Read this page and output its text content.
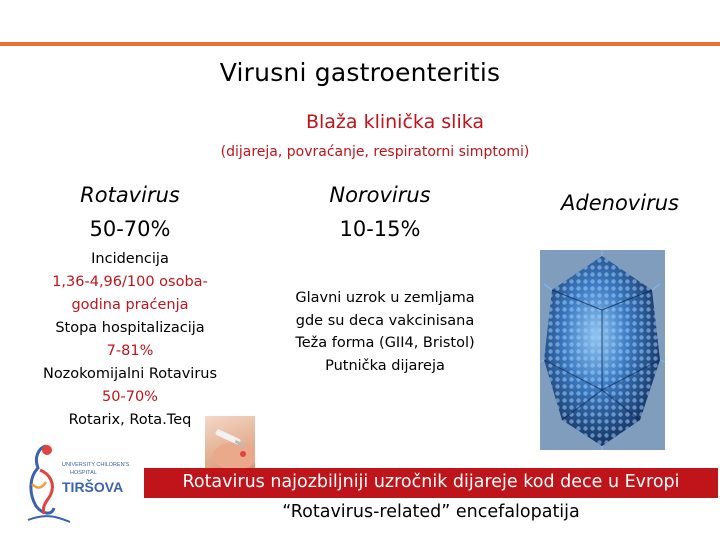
Virusni gastroenteritis
Blaža klinička slika
(dijareja, povraćanje, respiratorni simptomi)
Rotavirus
50-70%
Norovirus
10-15%
Adenovirus
Incidencija
1,36-4,96/100 osoba-
godina praćenja
Stopa hospitalizacija
7-81%
Nozokomijalni Rotavirus
50-70%
Rotarix, Rota.Teq
Glavni uzrok u zemljama
gde su deca vakcinisana
Teža forma (GII4, Bristol)
Putnička dijareja
UNIVERSITY CHILDREN'S
HOSPITAL
TIRŠOVA	Rotavirus najozbiljniji uzročnik dijareje kod dece u Evropi
“Rotavirus-related” encefalopatija
